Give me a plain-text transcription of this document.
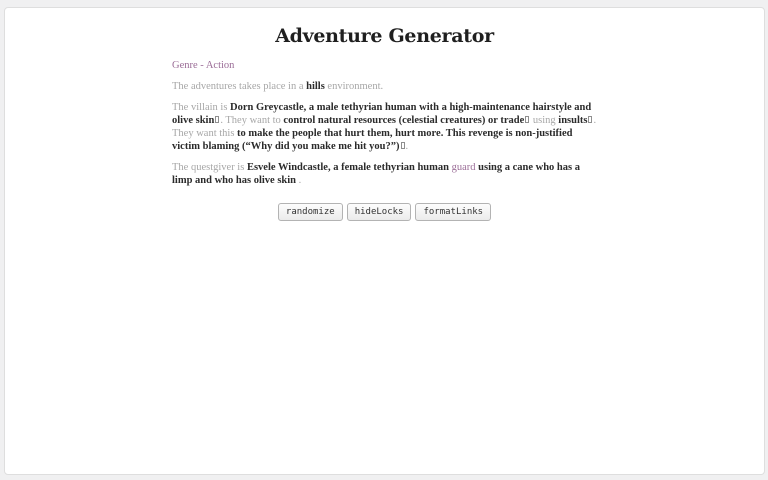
Adventure Generator
Genre - Action

The adventures takes place in a hills environment.

The villain is Dorn Greycastle, a male tethyrian human with a high-maintenance hairstyle and olive skin . They want to control natural resources (celestial creatures) or trade using insults . They want this to make the people that hurt them, hurt more. This revenge is non-justified victim blaming (“Why did you make me hit you?”) .

The questgiver is Esvele Windcastle, a female tethyrian human guard using a cane who has a limp and who has olive skin .

randomize hideLocks formatLinks
